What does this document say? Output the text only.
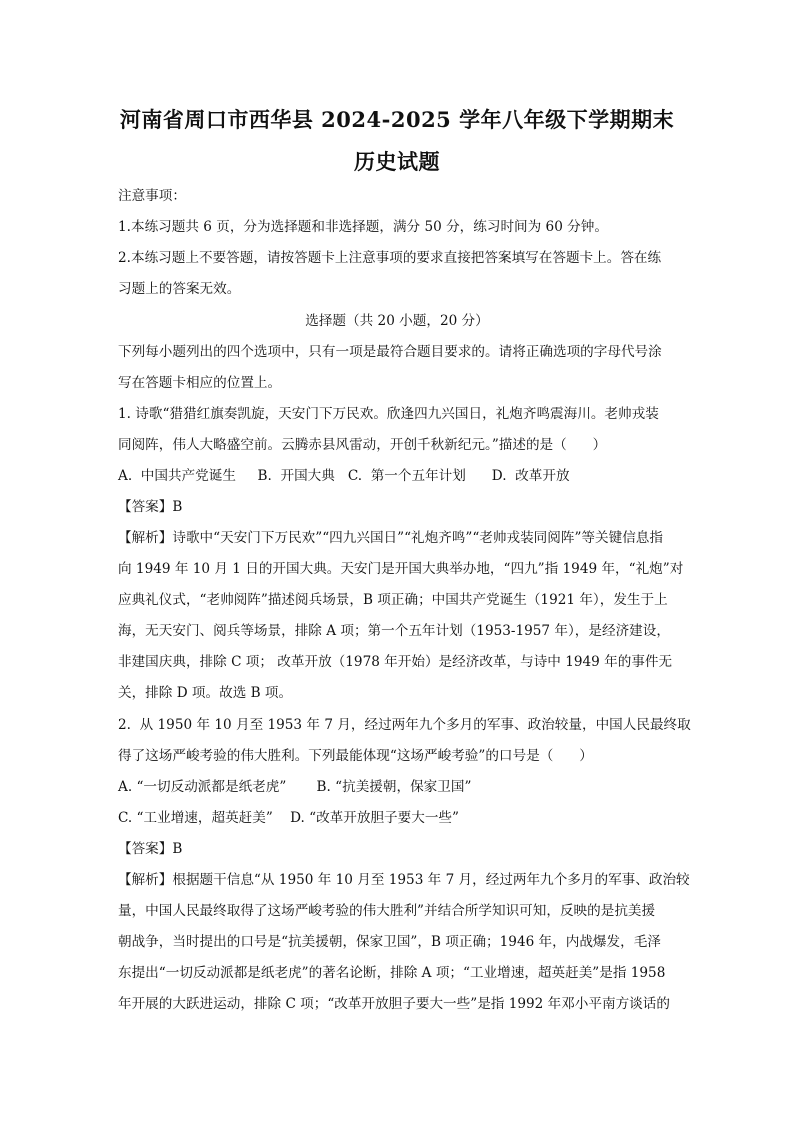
河南省周口市西华县 2024-2025 学年八年级下学期期末
历史试题
注意事项：
1.本练习题共 6 页，分为选择题和非选择题，满分 50 分，练习时间为 60 分钟。
2.本练习题上不要答题，请按答题卡上注意事项的要求直接把答案填写在答题卡上。答在练
习题上的答案无效。
选择题（共 20 小题，20 分）
下列每小题列出的四个选项中，只有一项是最符合题目要求的。请将正确选项的字母代号涂
写在答题卡相应的位置上。
1. 诗歌“猎猎红旗奏凯旋，天安门下万民欢。欣逢四九兴国日，礼炮齐鸣震海川。老帅戎装
同阅阵，伟人大略盛空前。云腾赤县风雷动，开创千秋新纪元。”描述的是（      ）
A.  中国共产党诞生     B.  开国大典   C.  第一个五年计划      D.  改革开放
【答案】B
【解析】诗歌中“天安门下万民欢”“四九兴国日”“礼炮齐鸣”“老帅戎装同阅阵”等关键信息指
向 1949 年 10 月 1 日的开国大典。天安门是开国大典举办地，“四九”指 1949 年，“礼炮”对
应典礼仪式，“老帅阅阵”描述阅兵场景，B 项正确；中国共产党诞生（1921 年），发生于上
海，无天安门、阅兵等场景，排除 A 项；第一个五年计划（1953-1957 年），是经济建设，
非建国庆典，排除 C 项； 改革开放（1978 年开始）是经济改革，与诗中 1949 年的事件无
关，排除 D 项。故选 B 项。
2.  从 1950 年 10 月至 1953 年 7 月，经过两年九个多月的军事、政治较量，中国人民最终取
得了这场严峻考验的伟大胜利。下列最能体现“这场严峻考验”的口号是（      ）
A. “一切反动派都是纸老虎”       B. “抗美援朝，保家卫国”
C. “工业增速，超英赶美”    D. “改革开放胆子要大一些”
【答案】B
【解析】根据题干信息“从 1950 年 10 月至 1953 年 7 月，经过两年九个多月的军事、政治较
量，中国人民最终取得了这场严峻考验的伟大胜利”并结合所学知识可知，反映的是抗美援
朝战争，当时提出的口号是“抗美援朝，保家卫国”，B 项正确；1946 年，内战爆发，毛泽
东提出“一切反动派都是纸老虎”的著名论断，排除 A 项；“工业增速，超英赶美”是指 1958
年开展的大跃进运动，排除 C 项；“改革开放胆子要大一些”是指 1992 年邓小平南方谈话的
